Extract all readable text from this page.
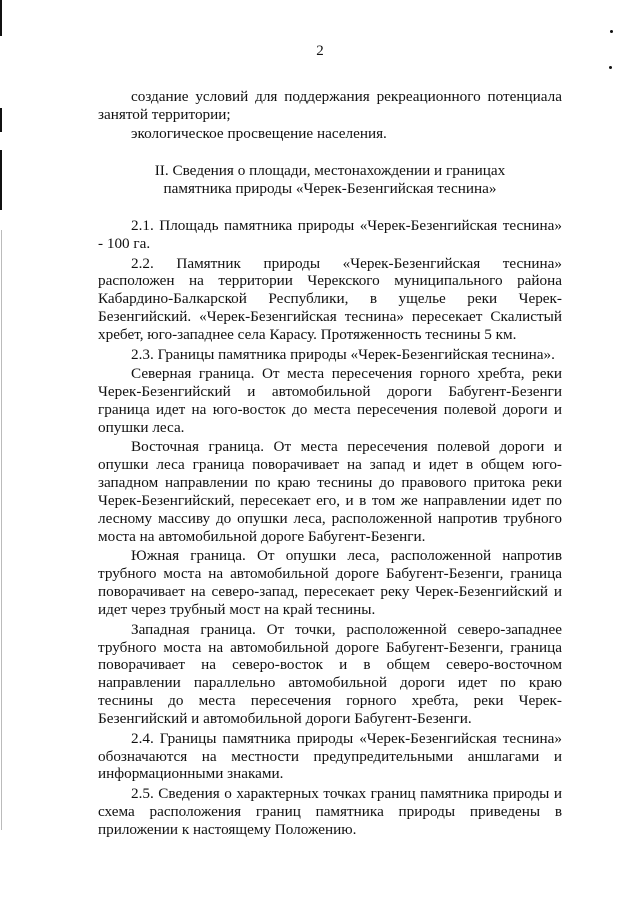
2

создание условий для поддержания рекреационного потенциала занятой территории;

экологическое просвещение населения.

II. Сведения о площади, местонахождении и границах
памятника природы «Черек-Безенгийская теснина»

2.1. Площадь памятника природы «Черек-Безенгийская теснина» - 100 га.

2.2. Памятник природы «Черек-Безенгийская теснина» расположен на территории Черекского муниципального района Кабардино-Балкарской Республики, в ущелье реки Черек-Безенгийский. «Черек-Безенгийская теснина» пересекает Скалистый хребет, юго-западнее села Карасу. Протяженность теснины 5 км.

2.3. Границы памятника природы «Черек-Безенгийская теснина».

Северная граница. От места пересечения горного хребта, реки Черек-Безенгийский и автомобильной дороги Бабугент-Безенги граница идет на юго-восток до места пересечения полевой дороги и опушки леса.

Восточная граница. От места пересечения полевой дороги и опушки леса граница поворачивает на запад и идет в общем юго-западном направлении по краю теснины до правового притока реки Черек-Безенгийский, пересекает его, и в том же направлении идет по лесному массиву до опушки леса, расположенной напротив трубного моста на автомобильной дороге Бабугент-Безенги.

Южная граница. От опушки леса, расположенной напротив трубного моста на автомобильной дороге Бабугент-Безенги, граница поворачивает на северо-запад, пересекает реку Черек-Безенгийский и идет через трубный мост на край теснины.

Западная граница. От точки, расположенной северо-западнее трубного моста на автомобильной дороге Бабугент-Безенги, граница поворачивает на северо-восток и в общем северо-восточном направлении параллельно автомобильной дороги идет по краю теснины до места пересечения горного хребта, реки Черек-Безенгийский и автомобильной дороги Бабугент-Безенги.

2.4. Границы памятника природы «Черек-Безенгийская теснина» обозначаются на местности предупредительными аншлагами и информационными знаками.

2.5. Сведения о характерных точках границ памятника природы и схема расположения границ памятника природы приведены в приложении к настоящему Положению.
